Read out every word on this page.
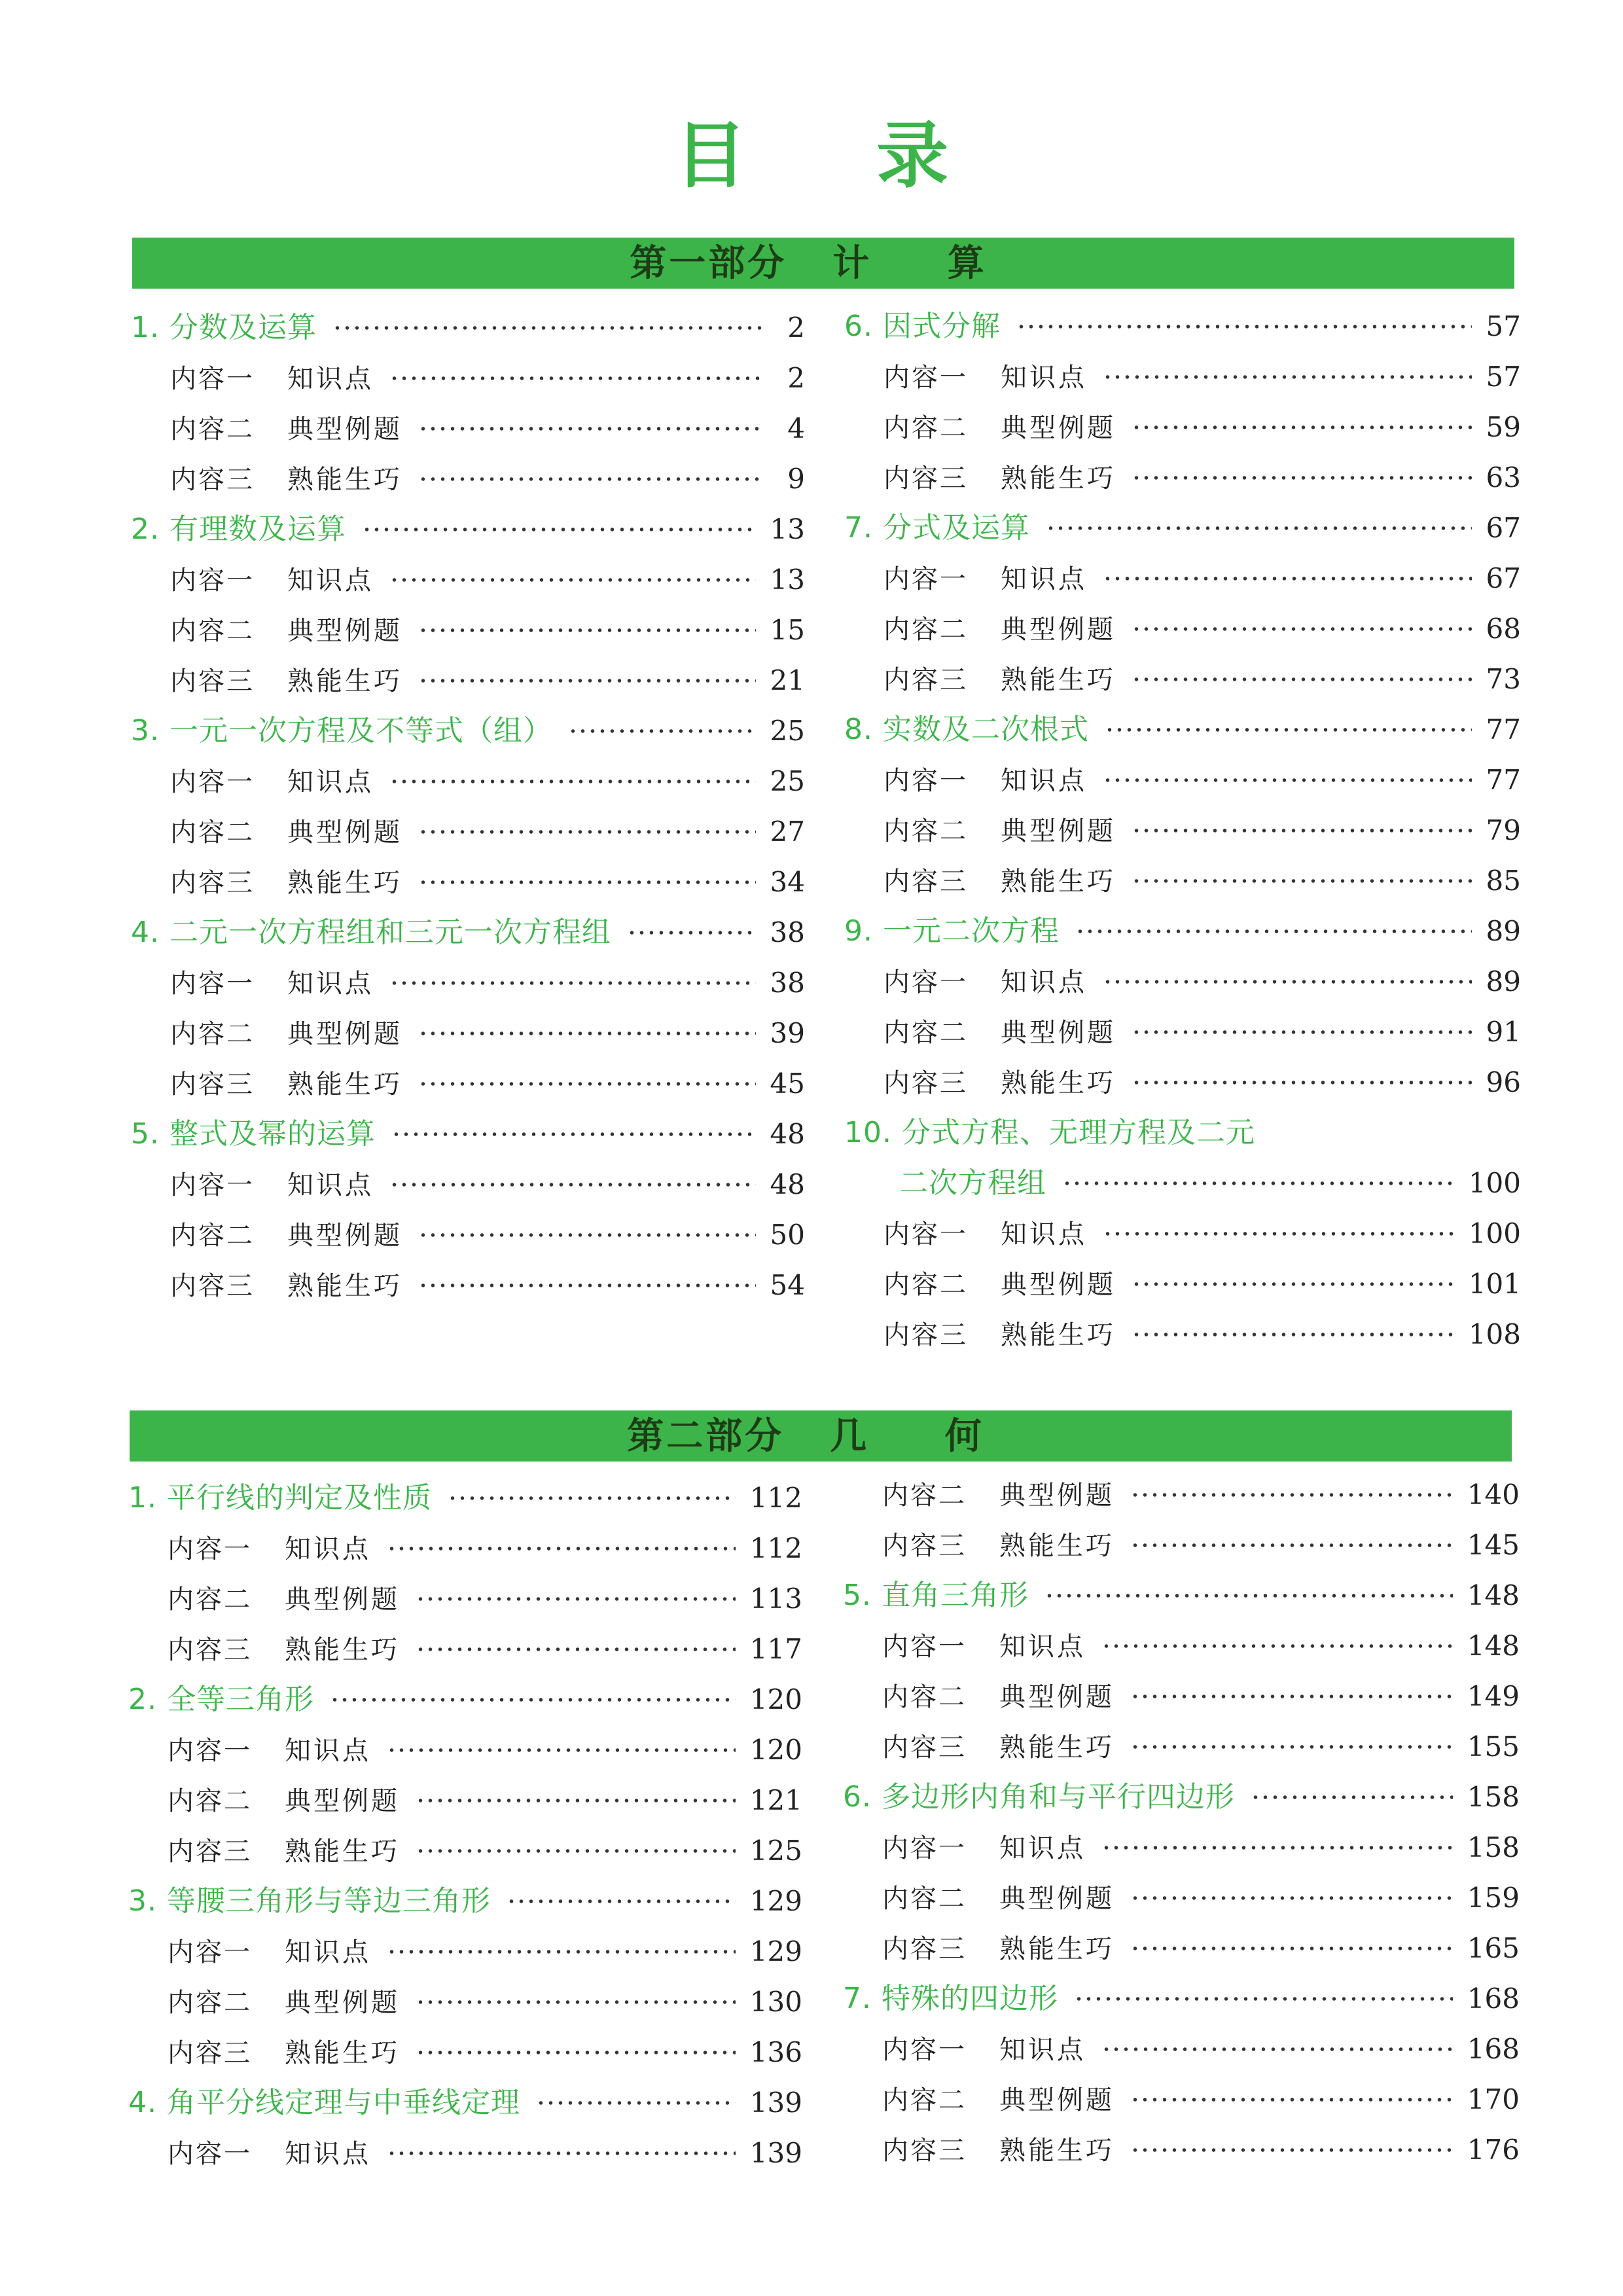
目 录
第一部分 计 算
1. 分数及运算	2
内容一 知识点	2
内容二 典型例题	4
内容三 熟能生巧	9
2. 有理数及运算	13
内容一 知识点	13
内容二 典型例题	15
内容三 熟能生巧	21
3. 一元一次方程及不等式（组）	25
内容一 知识点	25
内容二 典型例题	27
内容三 熟能生巧	34
4. 二元一次方程组和三元一次方程组	38
内容一 知识点	38
内容二 典型例题	39
内容三 熟能生巧	45
5. 整式及幂的运算	48
内容一 知识点	48
内容二 典型例题	50
内容三 熟能生巧	54
6. 因式分解	57
内容一 知识点	57
内容二 典型例题	59
内容三 熟能生巧	63
7. 分式及运算	67
内容一 知识点	67
内容二 典型例题	68
内容三 熟能生巧	73
8. 实数及二次根式	77
内容一 知识点	77
内容二 典型例题	79
内容三 熟能生巧	85
9. 一元二次方程	89
内容一 知识点	89
内容二 典型例题	91
内容三 熟能生巧	96
10. 分式方程、无理方程及二元
二次方程组	100
内容一 知识点	100
内容二 典型例题	101
内容三 熟能生巧	108
第二部分 几 何
1. 平行线的判定及性质	112
内容一 知识点	112
内容二 典型例题	113
内容三 熟能生巧	117
2. 全等三角形	120
内容一 知识点	120
内容二 典型例题	121
内容三 熟能生巧	125
3. 等腰三角形与等边三角形	129
内容一 知识点	129
内容二 典型例题	130
内容三 熟能生巧	136
4. 角平分线定理与中垂线定理	139
内容一 知识点	139
内容二 典型例题	140
内容三 熟能生巧	145
5. 直角三角形	148
内容一 知识点	148
内容二 典型例题	149
内容三 熟能生巧	155
6. 多边形内角和与平行四边形	158
内容一 知识点	158
内容二 典型例题	159
内容三 熟能生巧	165
7. 特殊的四边形	168
内容一 知识点	168
内容二 典型例题	170
内容三 熟能生巧	176
